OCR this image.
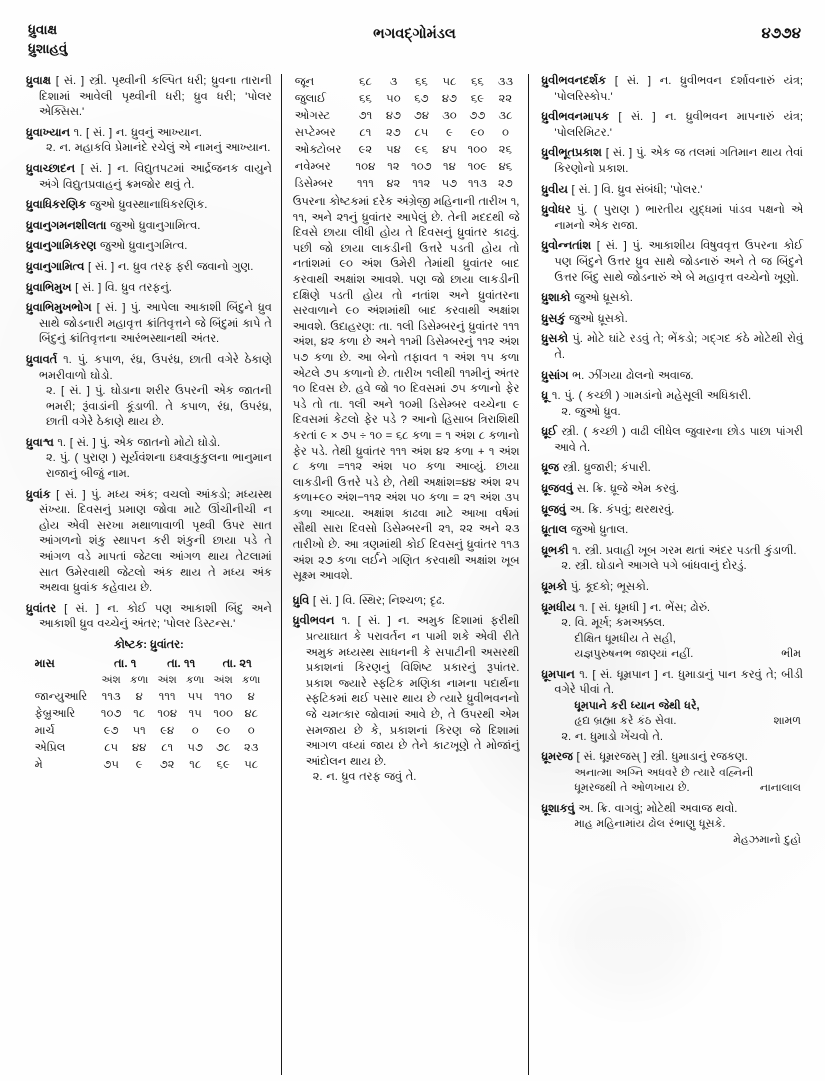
ધ્રુવાક્ષ
ધ્રુશાહવું
ભગવદ્ગોમંડલ	૪૭૭૪
ધ્રુવાક્ષ [ સં. ] સ્ત્રી. પૃથ્વીની કલ્પિત ધરી; ધ્રુવના તારાની દિશામાં આવેલી પૃથ્વીની ધરી; ધ્રુવ ધરી; 'પોલર એક્સિસ.'
ધ્રુવાખ્યાન ૧. [ સં. ] ન. ધ્રુવનું આખ્યાન.
૨. ન. મહાકવિ પ્રેમાનંદે રચેલું એ નામનું આખ્યાન.
ધ્રુવાચ્છાદન [ સં. ] ન. વિદ્યુતપટમાં આર્દ્રજનક વાયુને અંગે વિદ્યુતપ્રવાહનું ક્રમજોર થવું તે.
ધ્રુવાધિકરણિક જુઓ ધ્રુવસ્થાનાધિકરણિક.
ધ્રુવાનુગમનશીલતા જુઓ ધ્રુવાનુગામિત્વ.
ધ્રુવાનુગામિકરણ જુઓ ધ્રુવાનુગમિત્વ.
ધ્રુવાનુગામિત્વ [ સં. ] ન. ધ્રુવ તરફ ફરી જવાનો ગુણ.
ધ્રુવાભિમુખ [ સં. ] વિ. ધ્રુવ તરફનું.
ધ્રુવાભિમુખભોગ [ સં. ] પું. આપેલા આકાશી બિંદુને ધ્રુવ સાથે જોડનારી મહાવૃત્ત ક્રાંતિવૃત્તને જે બિંદુમાં કાપે તે બિંદુનું ક્રાંતિવૃત્તના આરંભસ્થાનથી અંતર.
ધ્રુવાવર્ત ૧. પું. કપાળ, રંધ્ર, ઉપરંધ્ર, છાતી વગેરે ઠેકાણે ભમરીવાળો ઘોડો.
૨. [ સં. ] પું. ઘોડાના શરીર ઉપરની એક જાતની ભમરી; રૂંવાડાંની કૂંડાળી. તે કપાળ, રંધ્ર, ઉપરંધ્ર, છાતી વગેરે ઠેકાણે થાય છે.
ધ્રુવાશ્વ ૧. [ સં. ] પું. એક જાતનો મોટો ઘોડો.
૨. પું. ( પુરાણ ) સૂર્યવંશના ઇક્ષ્વાકુકુલના ભાનુમાન રાજાનું બીજું નામ.
ધ્રુવાંક [ સં. ] પું. મધ્ય અંક; વચલો આંકડો; મધ્યસ્થ સંખ્યા. દિવસનું પ્રમાણ જોવા માટે ઊંચીનીચી ન હોય એવી સરખા મથાળાવાળી પૃથ્વી ઉપર સાત આંગળનો શંકુ સ્થાપન કરી શંકુની છાયા પડે તે આંગળ વડે માપતાં જેટલા આંગળ થાય તેટલામાં સાત ઉમેરવાથી જેટલો અંક થાય તે મધ્ય અંક અથવા ધ્રુવાંક કહેવાય છે.
ધ્રુવાંતર [ સં. ] ન. કોઈ પણ આકાશી બિંદુ અને આકાશી ધ્રુવ વચ્ચેનું અંતર; 'પોલર ડિસ્ટન્સ.'
કોષ્ટક: ધ્રુવાંતર:
માસ	તા. ૧		તા. ૧૧		તા. ૨૧	
	અંશ	કળા	અંશ	કળા	અંશ	કળા
જાન્યુઆરિ	૧૧૩	૪	૧૧૧	૫૫	૧૧૦	૪
ફેબ્રુઆરિ	૧૦૭	૧૮	૧૦૪	૧૫	૧૦૦	૪૮
માર્ચ	૯૭	૫૧	૯૪	૦	૯૦	૦
એપ્રિલ	૮૫	૪૪	૮૧	૫૭	૭૮	૨૩
મે	૭૫	૯	૭૨	૧૮	૬૯	૫૮
જૂન	૬૮	૩	૬૬	૫૮	૬૬	૩૩
જુલાઈ	૬૬	૫૦	૬૭	૪૭	૬૯	૨૨
ઓગસ્ટ	૭૧	૪૭	૭૪	૩૦	૭૭	૩૮
સપ્ટેમ્બર	૮૧	૨૭	૮૫	૯	૯૦	૦
ઓક્ટોબર	૯૨	૫૪	૯૬	૪૫	૧૦૦	૨૬
નવેમ્બર	૧૦૪	૧૨	૧૦૭	૧૪	૧૦૯	૪૬
ડિસેમ્બર	૧૧૧	૪૨	૧૧૨	૫૭	૧૧૩	૨૭

ઉપરના કોષ્ટકમાં દરેક અંગ્રેજી મહિનાની તારીખ ૧, ૧૧, અને ૨૧નું ધ્રુવાંતર આપેલું છે. તેની મદદથી જે દિવસે છાયા લીધી હોય તે દિવસનું ધ્રુવાંતર કાઢવું. પછી જો છાયા લાકડીની ઉત્તરે પડતી હોય તો નતાંશમાં ૯૦ અંશ ઉમેરી તેમાંથી ધ્રુવાંતર બાદ કરવાથી અક્ષાંશ આવશે. પણ જો છાયા લાકડીની દક્ષિણે પડતી હોય તો નતાંશ અને ધ્રુવાંતરના સરવાળાને ૯૦ અંશમાંથી બાદ કરવાથી અક્ષાંશ આવશે. ઉદાહરણ: તા. ૧લી ડિસેમ્બરનું ધ્રુવાંતર ૧૧૧ અંશ, ૪૨ કળા છે અને ૧૧મી ડિસેમ્બરનું ૧૧૨ અંશ ૫૭ કળા છે. આ બેનો તફાવત ૧ અંશ ૧૫ કળા એટલે ૭૫ કળાનો છે. તારીખ ૧લીથી ૧૧મીનું અંતર ૧૦ દિવસ છે. હવે જો ૧૦ દિવસમાં ૭૫ કળાનો ફેર પડે તો તા. ૧લી અને ૧૦મી ડિસેમ્બર વચ્ચેના ૯ દિવસમાં કેટલો ફેર પડે ? આનો હિસાબ ત્રિરાશિથી કરતાં ૯ × ૭૫ ÷ ૧૦ = ૬૮ કળા = ૧ અંશ ૮ કળાનો ફેર પડે. તેથી ધ્રુવાંતર ૧૧૧ અંશ ૪૨ કળા + ૧ અંશ ૮ કળા =૧૧૨ અંશ ૫૦ કળા આવ્યું. છાયા લાકડીની ઉત્તરે પડે છે, તેથી અક્ષાંશ=૪૪ અંશ ૨૫ કળા+૯૦ અંશ−૧૧૨ અંશ ૫૦ કળા = ૨૧ અંશ ૩૫ કળા આવ્યા. અક્ષાંશ કાઢવા માટે આખા વર્ષમાં સૌથી સારા દિવસો ડિસેમ્બરની ૨૧, ૨૨ અને ૨૩ તારીખો છે. આ ત્રણમાંથી કોઈ દિવસનું ધ્રુવાંતર ૧૧૩ અંશ ૨૭ કળા લર્ઈને ગણિત કરવાથી અક્ષાંશ ખૂબ સૂક્ષ્મ આવશે.

ધ્રુવિ [ સં. ] વિ. સ્થિર; નિશ્ચળ; દૃઢ.
ધ્રુવીભવન ૧. [ સં. ] ન. અમુક દિશામાં ફરીથી પ્રત્યાઘાત કે પરાવર્તન ન પામી શકે એવી રીતે અમુક મધ્યસ્થ સાધનની કે સપાટીની અસરથી પ્રકાશનાં કિરણનું વિશિષ્ટ પ્રકારનું રૂપાંતર. પ્રકાશ જ્યારે સ્ફટિક મણિકા નામના પદાર્થના સ્ફટિકમાં થઈ પસાર થાય છે ત્યારે ધ્રુવીભવનનો જે ચમત્કાર જોવામાં આવે છે, તે ઉપરથી એમ સમજાય છે કે, પ્રકાશનાં કિરણ જે દિશામાં આગળ વધ્યાં જાય છે તેને કાટખૂણે તે મોજાંનું આંદોલન થાય છે.
૨. ન. ધ્રુવ તરફ જવું તે.
ધ્રુવીભવનદર્શક [ સં. ] ન. ધ્રુવીભવન દર્શાવનારું યંત્ર; 'પોલરિસ્કોપ.'
ધ્રુવીભવનમાપક [ સં. ] ન. ધ્રુવીભવન માપનારું યંત્ર; 'પોલરિમિટર.'
ધ્રુવીભૂતપ્રકાશ [ સં. ] પું. એક જ તલમાં ગતિમાન થાય તેવાં કિરણોનો પ્રકાશ.
ધ્રુવીય [ સં. ] વિ. ધ્રુવ સંબંધી; 'પોલર.'
ધ્રુવોધર પું. ( પુરાણ ) ભારતીય યુદ્ધમાં પાંડવ પક્ષનો એ નામનો એક રાજા.
ધ્રુવોન્નતાંશ [ સં. ] પું. આકાશીય વિષુવવૃત્ત ઉપરના કોઈ પણ બિંદુને ઉત્તર ધ્રુવ સાથે જોડનારું અને તે જ બિંદુને ઉત્તર બિંદુ સાથે જોડનારું એ બે મહાવૃત્ત વચ્ચેનો ખૂણો.
ધ્રુશાકો જુઓ ધ્રૂસકો.
ધ્રુસકું જુઓ ધ્રૂસકો.
ધ્રુસકો પું. મોટે ઘાંટે રડવું તે; ભેંકડો; ગદ્ગદ કંઠે મોટેથી રોવું તે.
ધ્રુસાંગ ભ. ઝીંગયા ઢોલનો અવાજ.
ધ્રૂ ૧. પું. ( કચ્છી ) ગામડાંનો મહેસૂલી અધિકારી.
૨. જુઓ ધ્રુવ.
ધ્રૂઈ સ્ત્રી. ( કચ્છી ) વાઢી લીધેલ જુવારના છોડ પાછા પાંગરી આવે તે.
ધ્રૂજ સ્ત્રી. ધ્રુજારી; કંપારી.
ધ્રૂજવવું સ. ક્રિ. ધ્રૂજે એમ કરવું.
ધ્રૂજવું અ. ક્રિ. કંપવું; થરથરવું.
ધ્રૂતાલ જુઓ ધ્રુતાલ.
ધ્રૂભકી ૧. સ્ત્રી. પ્રવાહી ખૂબ ગરમ થતાં અંદર પડતી કુંડાળી.
૨. સ્ત્રી. ઘોડાને આગલે પગે બાંધવાનું દોરડું.
ધ્રૂમકો પું. કૂદકો; ભૂસકો.
ધ્રૂમધીય ૧. [ સં. ધૂમધી ] ન. ભેંસ; ઢોરું.
૨. વિ. મૂર્ખ; કમઅક્કલ.
દીક્ષિત ધૂમધીય તે સહી,
યજ્ઞપુરુષનભ જાણ્યાં નહીં.	ભીમ
ધ્રૂમપાન ૧. [ સં. ધૂમ્રપાન ] ન. ધુમાડાનું પાન કરવું તે; બીડી વગેરે પીવાં તે.
ધૂમપાને કરી ધ્યાન જેથી ધરે,
હૃદ્ય બ્રહ્મા કરે કંઠ સેવા.	શામળ
૨. ન. ધુમાડો ખેંચવો તે.
ધ્રૂમરજ [ સં. ધૂમ્રરજસ્ ] સ્ત્રી. ધુમાડાનું રજકણ.
અનાત્મા અગ્નિ અધવરે છે ત્યારે વહ્નિની
ધૂમરજથી તે ઓળખાય છે.	નાનાલાલ
ધ્રૂશાકવું અ. ક્રિ. વાગવું; મોટેથી અવાજ થવો.
માહ મહિનામાંય ઢોલ રંભાણુ ધૂસકે.
મેહઝમાનો દુહો
